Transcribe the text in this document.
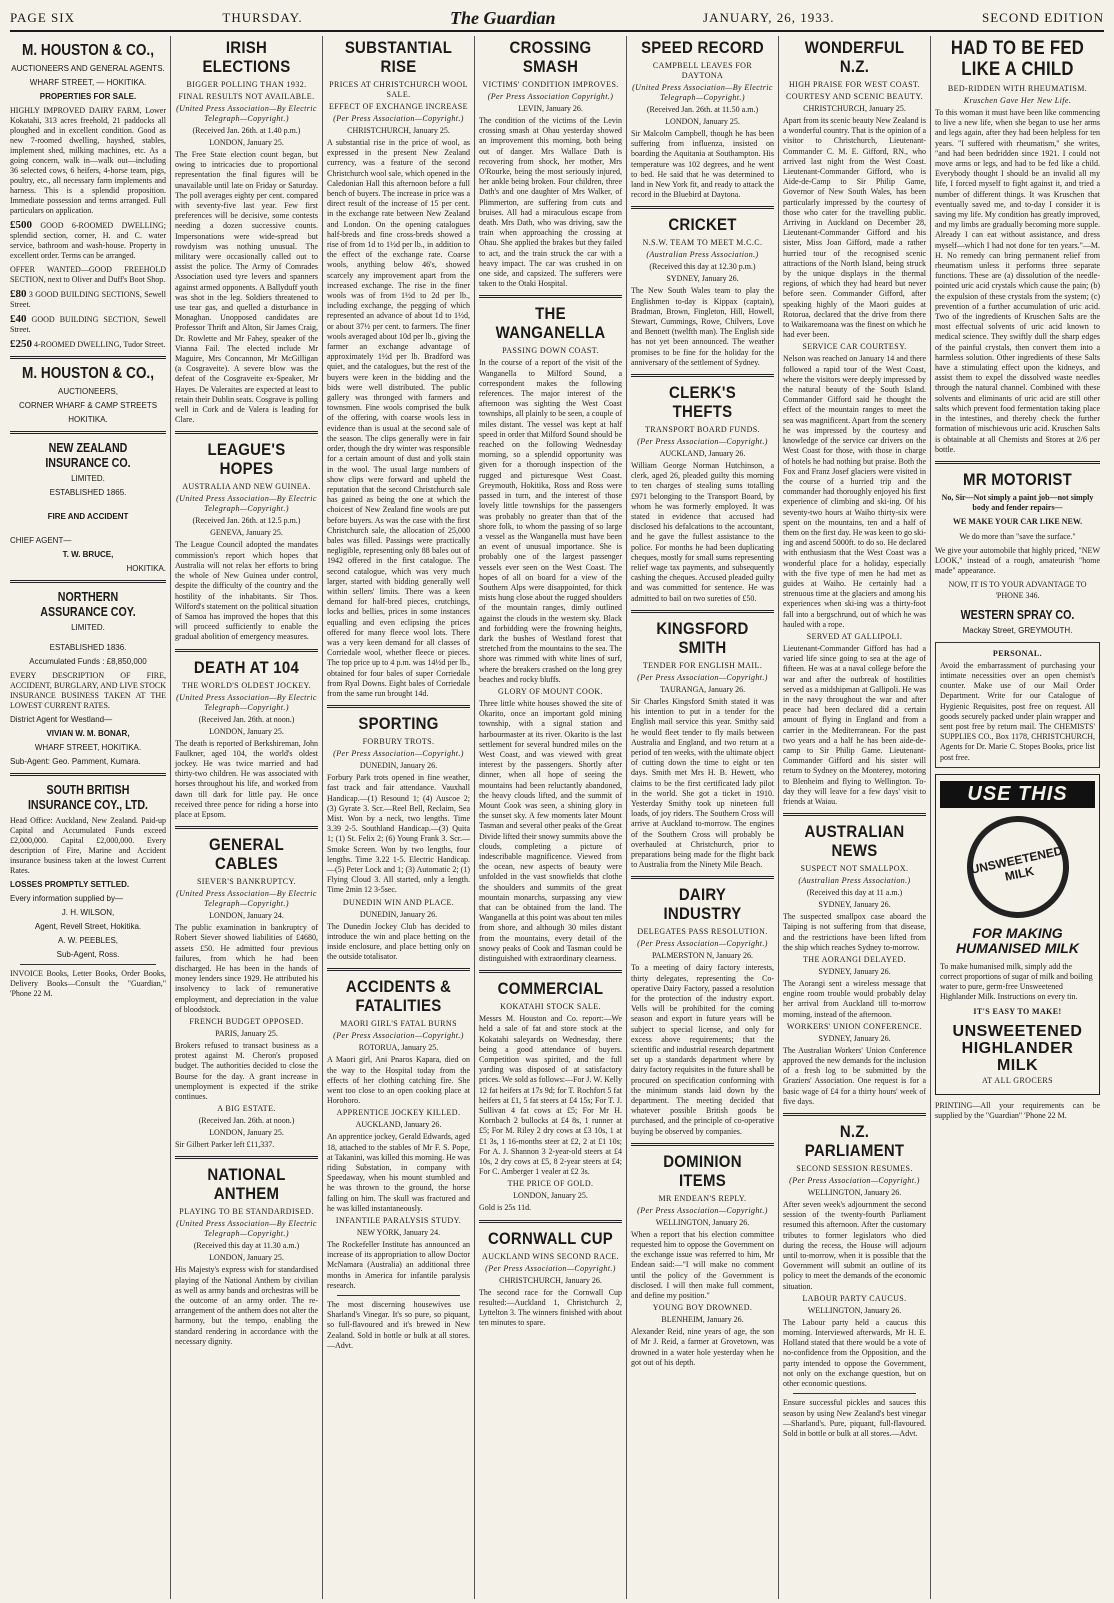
PAGE SIX	THURSDAY.	The Guardian	JANUARY, 26, 1933.	SECOND EDITION
M. HOUSTON & CO.,
AUCTIONEERS AND GENERAL AGENTS.
WHARF STREET, — HOKITIKA.
PROPERTIES FOR SALE.

HIGHLY IMPROVED DAIRY FARM, Lower Kokatahi, 313 acres freehold, 21 paddocks all ploughed and in excellent condition. Good as new 7-roomed dwelling, hayshed, stables, implement shed, milking machines, etc. As a going concern, walk in—walk out—including 36 selected cows, 6 heifers, 4-horse team, pigs, poultry, etc., all necessary farm implements and harness. This is a splendid proposition. Immediate possession and terms arranged. Full particulars on application.

£500 GOOD 6-ROOMED DWELLING; splendid section, corner, H. and C. water service, bathroom and wash-house. Property in excellent order. Terms can be arranged.

OFFER WANTED—GOOD FREEHOLD SECTION, next to Oliver and Duff's Boot Shop.

£80 3 GOOD BUILDING SECTIONS, Sewell Street.

£40 GOOD BUILDING SECTION, Sewell Street.

£250 4-ROOMED DWELLING, Tudor Street.

M. HOUSTON & CO.,
AUCTIONEERS,
CORNER WHARF & CAMP STREETS
HOKITIKA.
NEW ZEALAND INSURANCE CO.
LIMITED.
ESTABLISHED 1865.
FIRE AND ACCIDENT
CHIEF AGENT—
T. W. BRUCE,
HOKITIKA.
NORTHERN ASSURANCE COY.
LIMITED.
ESTABLISHED 1836.
Accumulated Funds : £8,850,000

EVERY DESCRIPTION OF FIRE, ACCIDENT, BURGLARY, AND LIVE STOCK INSURANCE BUSINESS TAKEN AT THE LOWEST CURRENT RATES.

District Agent for Westland—
VIVIAN W. M. BONAR,
WHARF STREET, HOKITIKA.
Sub-Agent: Geo. Pamment, Kumara.
SOUTH BRITISH INSURANCE COY., LTD.

Head Office: Auckland, New Zealand. Paid-up Capital and Accumulated Funds exceed £2,000,000. Capital £2,000,000. Every description of Fire, Marine and Accident insurance business taken at the lowest Current Rates.

LOSSES PROMPTLY SETTLED.
Every information supplied by—
J. H. WILSON,
Agent, Revell Street, Hokitika.
A. W. PEEBLES,
Sub-Agent, Ross.

INVOICE Books, Letter Books, Order Books, Delivery Books—Consult the "Guardian," 'Phone 22 M.

IRISH ELECTIONS
BIGGER POLLING THAN 1932.
FINAL RESULTS NOT AVAILABLE.
(United Press Association—By Electric Telegraph—Copyright.)
(Received Jan. 26th. at 1.40 p.m.)
LONDON, January 25.

The Free State election count began, but owing to intricacies due to proportional representation the final figures will be unavailable until late on Friday or Saturday. The poll averages eighty per cent. compared with seventy-five last year. Few first preferences will be decisive, some contests needing a dozen successive counts. Impersonations were wide-spread but rowdyism was nothing unusual. The military were occasionally called out to assist the police. The Army of Comrades Association used tyre levers and spanners against armed opponents. A Ballyduff youth was shot in the leg. Soldiers threatened to use tear gas, and quelled a disturbance in Monaghan. Unopposed candidates are Professor Thrift and Alton, Sir James Craig, Dr. Rowlette and Mr Fahey, speaker of the Vianna Fail. The elected include Mr Maguire, Mrs Concannon, Mr McGilligan (a Cosgraveite). A severe blow was the defeat of the Cosgraveite ex-Speaker, Mr Hayes. De Valeraites are expected at least to retain their Dublin seats. Cosgrave is polling well in Cork and de Valera is leading for Clare.

LEAGUE'S HOPES
AUSTRALIA AND NEW GUINEA.
(United Press Association—By Electric Telegraph—Copyright.)
(Received Jan. 26th. at 12.5 p.m.)
GENEVA, January 25.

The League Council adopted the mandates commission's report which hopes that Australia will not relax her efforts to bring the whole of New Guinea under control, despite the difficulty of the country and the hostility of the inhabitants. Sir Thos. Wilford's statement on the political situation of Samoa has improved the hopes that this will proceed sufficiently to enable the gradual abolition of emergency measures.

DEATH AT 104
THE WORLD'S OLDEST JOCKEY.
(United Press Association—By Electric Telegraph—Copyright.)
(Received Jan. 26th. at noon.)
LONDON, January 25.

The death is reported of Berkshireman, John Faulkner, aged 104, the world's oldest jockey. He was twice married and had thirty-two children. He was associated with horses throughout his life, and worked from dawn till dark for little pay. He once received three pence for riding a horse into place at Epsom.

GENERAL CABLES
SIEVER'S BANKRUPTCY.
(United Press Association—By Electric Telegraph—Copyright.)
LONDON, January 24.

The public examination in bankruptcy of Robert Siever showed liabilities of £4680, assets £50. He admitted four previous failures, from which he had been discharged. He has been in the hands of money lenders since 1929. He attributed his insolvency to lack of remunerative employment, and depreciation in the value of bloodstock.

FRENCH BUDGET OPPOSED.
PARIS, January 25.

Brokers refused to transact business as a protest against M. Cheron's proposed budget. The authorities decided to close the Bourse for the day. A grant increase in unemployment is expected if the strike continues.

A BIG ESTATE.
(Received Jan. 26th. at noon.)
LONDON, January 25.

Sir Gilbert Parker left £11,337.

NATIONAL ANTHEM
PLAYING TO BE STANDARDISED.
(United Press Association—By Electric Telegraph—Copyright.)
(Received this day at 11.30 a.m.)
LONDON, January 25.

His Majesty's express wish for standardised playing of the National Anthem by civilian as well as army bands and orchestras will be the outcome of an army order. The re-arrangement of the anthem does not alter the harmony, but the tempo, enabling the standard rendering in accordance with the necessary dignity.

SUBSTANTIAL RISE
PRICES AT CHRISTCHURCH WOOL SALE.
EFFECT OF EXCHANGE INCREASE
(Per Press Association—Copyright.)
CHRISTCHURCH, January 25.

A substantial rise in the price of wool, as expressed in the present New Zealand currency, was a feature of the second Christchurch wool sale, which opened in the Caledonian Hall this afternoon before a full bench of buyers. The increase in price was a direct result of the increase of 15 per cent. in the exchange rate between New Zealand and London. On the opening catalogues half-breds and fine cross-breds showed a rise of from 1d to 1½d per lb., in addition to the effect of the exchange rate. Coarse wools, anything below 46's, showed scarcely any improvement apart from the increased exchange. The rise in the finer wools was of from 1½d to 2d per lb., including exchange, the pegging of which represented an advance of about 1d to 1½d, or about 37½ per cent. to farmers. The finer wools averaged about 10d per lb., giving the farmer an exchange advantage of approximately 1½d per lb. Bradford was quiet, and the catalogues, but the rest of the buyers were keen in the bidding and the bids were well distributed. The public gallery was thronged with farmers and townsmen. Fine wools comprised the bulk of the offering, with coarse wools less in evidence than is usual at the second sale of the season. The clips generally were in fair order, though the dry winter was responsible for a certain amount of dust and yolk stain in the wool. The usual large numbers of show clips were forward and upheld the reputation that the second Christchurch sale has gained as being the one at which the choicest of New Zealand fine wools are put before buyers. As was the case with the first Christchurch sale, the allocation of 25,000 bales was filled. Passings were practically negligible, representing only 88 bales out of 1942 offered in the first catalogue. The second catalogue, which was very much larger, started with bidding generally well within sellers' limits. There was a keen demand for half-bred pieces, crutchings, locks and bellies, prices in some instances equalling and even eclipsing the prices offered for many fleece wool lots. There was a very keen demand for all classes of Corriedale wool, whether fleece or pieces. The top price up to 4 p.m. was 14½d per lb., obtained for four bales of super Corriedale from Ryal Downs. Eight bales of Corriedale from the same run brought 14d.

SPORTING
FORBURY TROTS.
(Per Press Association—Copyright.)
DUNEDIN, January 26.

Forbury Park trots opened in fine weather, fast track and fair attendance. Vauxhall Handicap.—(1) Resound 1; (4) Auscoe 2; (3) Gyrate 3. Scr.—Reel Bell, Reclaim, Sea Mist. Won by a neck, two lengths. Time 3.39 2-5. Southland Handicap.—(3) Quita 1; (1) St. Felix 2; (6) Young Frank 3. Scr.—Smoke Screen. Won by two lengths, four lengths. Time 3.22 1-5. Electric Handicap.—(5) Peter Lock and 1; (3) Automatic 2; (1) Flying Cloud 3. All started, only a length. Time 2min 12 3-5sec.

DUNEDIN WIN AND PLACE.
DUNEDIN, January 26.

The Dunedin Jockey Club has decided to introduce the win and place betting on the inside enclosure, and place betting only on the outside totalisator.

ACCIDENTS & FATALITIES
MAORI GIRL'S FATAL BURNS
(Per Press Association—Copyright.)
ROTORUA, January 25.

A Maori girl, Ani Pnaros Kapara, died on the way to the Hospital today from the effects of her clothing catching fire. She went too close to an open cooking place at Horohoro.

APPRENTICE JOCKEY KILLED.
AUCKLAND, January 26.

An apprentice jockey, Gerald Edwards, aged 18, attached to the stables of Mr F. S. Pope, at Takanini, was killed this morning. He was riding Substation, in company with Speedaway, when his mount stumbled and he was thrown to the ground, the horse falling on him. The skull was fractured and he was killed instantaneously.

INFANTILE PARALYSIS STUDY.
NEW YORK, January 24.

The Rockefeller Institute has announced an increase of its appropriation to allow Doctor McNamara (Australia) an additional three months in America for infantile paralysis research.

The most discerning housewives use Sharland's Vinegar. It's so pure, so piquant, so full-flavoured and it's brewed in New Zealand. Sold in bottle or bulk at all stores.—Advt.

CROSSING SMASH
VICTIMS' CONDITION IMPROVES.
(Per Press Association Copyright.)
LEVIN, January 26.

The condition of the victims of the Levin crossing smash at Ohau yesterday showed an improvement this morning, both being out of danger. Mrs Wallace Dath is recovering from shock, her mother, Mrs O'Rourke, being the most seriously injured, her ankle being broken. Four children, three Dath's and one daughter of Mrs Walker, of Plimmerton, are suffering from cuts and bruises. All had a miraculous escape from death. Mrs Dath, who was driving, saw the train when approaching the crossing at Ohau. She applied the brakes but they failed to act, and the train struck the car with a heavy impact. The car was crushed in on one side, and capsized. The sufferers were taken to the Otaki Hospital.

THE WANGANELLA
PASSING DOWN COAST.

In the course of a report of the visit of the Wanganella to Milford Sound, a correspondent makes the following references. The major interest of the afternoon was sighting the West Coast townships, all plainly to be seen, a couple of miles distant. The vessel was kept at half speed in order that Milford Sound should be reached on the following Wednesday morning, so a splendid opportunity was given for a thorough inspection of the rugged and picturesque West Coast. Greymouth, Hokitika, Ross and Ross were passed in turn, and the interest of those lovely little townships for the passengers was probably no greater than that of the shore folk, to whom the passing of so large a vessel as the Wanganella must have been an event of unusual importance. She is probably one of the largest passenger vessels ever seen on the West Coast. The hopes of all on board for a view of the Southern Alps were disappointed, for thick mists hung close about the rugged shoulders of the mountain ranges, dimly outlined against the clouds in the western sky. Black and forbidding were the frowning heights, dark the bushes of Westland forest that stretched from the mountains to the sea. The shore was rimmed with white lines of surf, where the breakers crashed on the long grey beaches and rocky bluffs.

GLORY OF MOUNT COOK.

Three little white houses showed the site of Okarito, once an important gold mining township, with a signal station and harbourmaster at its river. Okarito is the last settlement for several hundred miles on the West Coast, and was viewed with great interest by the passengers. Shortly after dinner, when all hope of seeing the mountains had been reluctantly abandoned, the heavy clouds lifted, and the summit of Mount Cook was seen, a shining glory in the sunset sky. A few moments later Mount Tasman and several other peaks of the Great Divide lifted their snowy summits above the clouds, completing a picture of indescribable magnificence. Viewed from the ocean, new aspects of beauty were unfolded in the vast snowfields that clothe the shoulders and summits of the great mountain monarchs, surpassing any view that can be obtained from the land. The Wanganella at this point was about ten miles from shore, and although 30 miles distant from the mountains, every detail of the snowy peaks of Cook and Tasman could be distinguished with extraordinary clearness.

COMMERCIAL
KOKATAHI STOCK SALE.

Messrs M. Houston and Co. report:—We held a sale of fat and store stock at the Kokatahi saleyards on Wednesday, there being a good attendance of buyers. Competition was spirited, and the full yarding was disposed of at satisfactory prices. We sold as follows:—For J. W. Kelly 12 fat heifers at 17s 9d; for T. Rochfort 5 fat heifers at £1, 5 fat steers at £4 15s; For T. J. Sullivan 4 fat cows at £5; For Mr H. Kornbach 2 bullocks at £4 8s, 1 runner at £5; For M. Riley 2 dry cows at £3 10s, 1 at £1 3s, 1 16-months steer at £2, 2 at £1 10s; For A. J. Shannon 3 2-year-old steers at £4 10s, 2 dry cows at £5, 8 2-year steers at £4; For C. Amberger 1 vealer at £2 3s.

THE PRICE OF GOLD.
LONDON, January 25.

Gold is 25s 11d.

CORNWALL CUP
AUCKLAND WINS SECOND RACE.
(Per Press Association—Copyright.)
CHRISTCHURCH, January 26.

The second race for the Cornwall Cup resulted:—Auckland 1, Christchurch 2, Lyttelton 3. The winners finished with about ten minutes to spare.

SPEED RECORD
CAMPBELL LEAVES FOR DAYTONA
(United Press Association—By Electric Telegraph—Copyright.)
(Received Jan. 26th. at 11.50 a.m.)
LONDON, January 25.

Sir Malcolm Campbell, though he has been suffering from influenza, insisted on boarding the Aquitania at Southampton. His temperature was 102 degrees, and he went to bed. He said that he was determined to land in New York fit, and ready to attack the record in the Bluebird at Daytona.

CRICKET
N.S.W. TEAM TO MEET M.C.C.
(Australian Press Association.)
(Received this day at 12.30 p.m.)
SYDNEY, January 26.

The New South Wales team to play the Englishmen to-day is Kippax (captain), Bradman, Brown, Fingleton, Hill, Howell, Stewart, Cummings, Rowe, Chilvers, Love and Bennett (twelfth man). The English side has not yet been announced. The weather promises to be fine for the holiday for the anniversary of the settlement of Sydney.

CLERK'S THEFTS
TRANSPORT BOARD FUNDS.
(Per Press Association—Copyright.)
AUCKLAND, January 26.

William George Norman Hutchinson, a clerk, aged 26, pleaded guilty this morning to ten charges of stealing sums totalling £971 belonging to the Transport Board, by whom he was formerly employed. It was stated in evidence that accused had disclosed his defalcations to the accountant, and he gave the fullest assistance to the police. For months he had been duplicating cheques, mostly for small sums representing relief wage tax payments, and subsequently cashing the cheques. Accused pleaded guilty and was committed for sentence. He was admitted to bail on two sureties of £50.

KINGSFORD SMITH
TENDER FOR ENGLISH MAIL.
(Per Press Association—Copyright.)
TAURANGA, January 26.

Sir Charles Kingsford Smith stated it was his intention to put in a tender for the English mail service this year. Smithy said he would fleet tender to fly mails between Australia and England, and two return at a period of ten weeks, with the ultimate object of cutting down the time to eight or ten days. Smith met Mrs H. B. Hewett, who claims to be the first certificated lady pilot in the world. She got a ticket in 1910. Yesterday Smithy took up nineteen full loads, of joy riders. The Southern Cross will arrive at Auckland to-morrow. The engines of the Southern Cross will probably be overhauled at Christchurch, prior to preparations being made for the flight back to Australia from the Ninety Mile Beach.

DAIRY INDUSTRY
DELEGATES PASS RESOLUTION.
(Per Press Association—Copyright.)
PALMERSTON N, January 26.

To a meeting of dairy factory interests, thirty delegates, representing the Co-operative Dairy Factory, passed a resolution for the protection of the industry export. Vells will be prohibited for the coming season and export in future years will be subject to special license, and only for excess above requirements; that the scientific and industrial research department set up a standards department where by dairy factory requisites in the future shall be procured on specification conforming with the minimum stands laid down by the department. The meeting decided that whatever possible British goods be purchased, and the principle of co-operative buying be observed by companies.

DOMINION ITEMS
MR ENDEAN'S REPLY.
(Per Press Association—Copyright.)
WELLINGTON, January 26.

When a report that his election committee requested him to oppose the Government on the exchange issue was referred to him, Mr Endean said:—"I will make no comment until the policy of the Government is disclosed. I will then make full comment, and define my position."

YOUNG BOY DROWNED.
BLENHEIM, January 26.

Alexander Reid, nine years of age, the son of Mr J. Reid, a farmer at Grovetown, was drowned in a water hole yesterday when he got out of his depth.

WONDERFUL N.Z.
HIGH PRAISE FOR WEST COAST.
COURTESY AND SCENIC BEAUTY.
CHRISTCHURCH, January 25.

Apart from its scenic beauty New Zealand is a wonderful country. That is the opinion of a visitor to Christchurch, Lieutenant-Commander C. M. E. Gifford, RN., who arrived last night from the West Coast. Lieutenant-Commander Gifford, who is Aide-de-Camp to Sir Philip Game, Governor of New South Wales, has been particularly impressed by the courtesy of those who cater for the travelling public. Arriving in Auckland on December 28, Lieutenant-Commander Gifford and his sister, Miss Joan Gifford, made a rather hurried tour of the recognised scenic attractions of the North Island, being struck by the unique displays in the thermal regions, of which they had heard but never before seen. Commander Gifford, after speaking highly of the Maori guides at Rotorua, declared that the drive from there to Waikaremoana was the finest on which he had ever been.

SERVICE CAR COURTESY.

Nelson was reached on January 14 and there followed a rapid tour of the West Coast, where the visitors were deeply impressed by the natural beauty of the South Island. Commander Gifford said he thought the effect of the mountain ranges to meet the sea was magnificent. Apart from the scenery he was impressed by the courtesy and knowledge of the service car drivers on the West Coast for those, with those in charge of hotels he had nothing but praise. Both the Fox and Franz Josef glaciers were visited in the course of a hurried trip and the commander had thoroughly enjoyed his first experience of climbing and ski-ing. Of his seventy-two hours at Waiho thirty-six were spent on the mountains, ten and a half of them on the first day. He was keen to go ski-ing and ascend 5000ft. to do so. He declared with enthusiasm that the West Coast was a wonderful place for a holiday, especially with the five type of men he had met as guides at Waiho. He certainly had a strenuous time at the glaciers and among his experiences when ski-ing was a thirty-foot fall into a bergschrund, out of which he was hauled with a rope.

SERVED AT GALLIPOLI.

Lieutenant-Commander Gifford has had a varied life since going to sea at the age of fifteen. He was at a naval college before the war and after the outbreak of hostilities served as a midshipman at Gallipoli. He was in the navy throughout the war and after peace had been declared did a certain amount of flying in England and from a carrier in the Mediterranean. For the past two years and a half he has been aide-de-camp to Sir Philip Game. Lieutenant-Commander Gifford and his sister will return to Sydney on the Monterey, motoring to Blenheim and flying to Wellington. To-day they will leave for a few days' visit to friends at Waiau.

AUSTRALIAN NEWS
SUSPECT NOT SMALLPOX.
(Australian Press Association.)
(Received this day at 11 a.m.)
SYDNEY, January 26.

The suspected smallpox case aboard the Taiping is not suffering from that disease, and the restrictions have been lifted from the ship which reaches Sydney to-morrow.

THE AORANGI DELAYED.
SYDNEY, January 26.

The Aorangi sent a wireless message that engine room trouble would probably delay her arrival from Auckland till to-morrow morning, instead of the afternoon.

WORKERS' UNION CONFERENCE.
SYDNEY, January 26.

The Australian Workers' Union Conference approved the new demands for the inclusion of a fresh log to be submitted by the Graziers' Association. One request is for a basic wage of £4 for a thirty hours' week of five days.

N.Z. PARLIAMENT
SECOND SESSION RESUMES.
(Per Press Association—Copyright.)
WELLINGTON, January 26.

After seven week's adjournment the second session of the twenty-fourth Parliament resumed this afternoon. After the customary tributes to former legislators who died during the recess, the House will adjourn until to-morrow, when it is possible that the Government will submit an outline of its policy to meet the demands of the economic situation.

LABOUR PARTY CAUCUS.
WELLINGTON, January 26.

The Labour party held a caucus this morning. Interviewed afterwards, Mr H. E. Holland stated that there would be a vote of no-confidence from the Opposition, and the party intended to oppose the Government, not only on the exchange question, but on other economic questions.

Ensure successful pickles and sauces this season by using New Zealand's best vinegar—Sharland's. Pure, piquant, full-flavoured. Sold in bottle or bulk at all stores.—Advt.

HAD TO BE FED LIKE A CHILD
BED-RIDDEN WITH RHEUMATISM.
Kruschen Gave Her New Life.

To this woman it must have been like commencing to live a new life, when she began to use her arms and legs again, after they had been helpless for ten years. "I suffered with rheumatism," she writes, "and had been bedridden since 1921. I could not move arms or legs, and had to be fed like a child. Everybody thought I should be an invalid all my life, I forced myself to fight against it, and tried a number of different things. It was Kruschen that eventually saved me, and to-day I consider it is saving my life. My condition has greatly improved, and my limbs are gradually becoming more supple. Already I can eat without assistance, and dress myself—which I had not done for ten years."—M. H. No remedy can bring permanent relief from rheumatism unless it performs three separate functions. These are (a) dissolution of the needle-pointed uric acid crystals which cause the pain; (b) the expulsion of these crystals from the system; (c) prevention of a further accumulation of uric acid. Two of the ingredients of Kruschen Salts are the most effectual solvents of uric acid known to medical science. They swiftly dull the sharp edges of the painful crystals, then convert them into a harmless solution. Other ingredients of these Salts have a stimulating effect upon the kidneys, and assist them to expel the dissolved waste needles through the natural channel. Combined with these solvents and eliminants of uric acid are still other salts which prevent food fermentation taking place in the intestines, and thereby check the further formation of mischievous uric acid. Kruschen Salts is obtainable at all Chemists and Stores at 2/6 per bottle.

MR MOTORIST

No, Sir—Not simply a paint job—not simply body and fender repairs—

WE MAKE YOUR CAR LIKE NEW.

We do more than "save the surface."

We give your automobile that highly priced, "NEW LOOK," instead of a rough, amateurish "home made" appearance.

NOW, IT IS TO YOUR ADVANTAGE TO 'PHONE 346.

WESTERN SPRAY CO.
Mackay Street, GREYMOUTH.
PERSONAL.

Avoid the embarrassment of purchasing your intimate necessities over an open chemist's counter. Make use of our Mail Order Department. Write for our Catalogue of Hygienic Requisites, post free on request. All goods securely packed under plain wrapper and sent post free by return mail. The CHEMISTS' SUPPLIES CO., Box 1178, CHRISTCHURCH, Agents for Dr. Marie C. Stopes Books, price list post free.

USE THIS
UNSWEETENED MILK
FOR MAKING HUMANISED MILK

To make humanised milk, simply add the correct proportions of sugar of milk and boiling water to pure, germ-free Unsweetened Highlander Milk. Instructions on every tin.

IT'S EASY TO MAKE!
UNSWEETENED HIGHLANDER MILK
AT ALL GROCERS

PRINTING—All your requirements can be supplied by the "Guardian" 'Phone 22 M.
